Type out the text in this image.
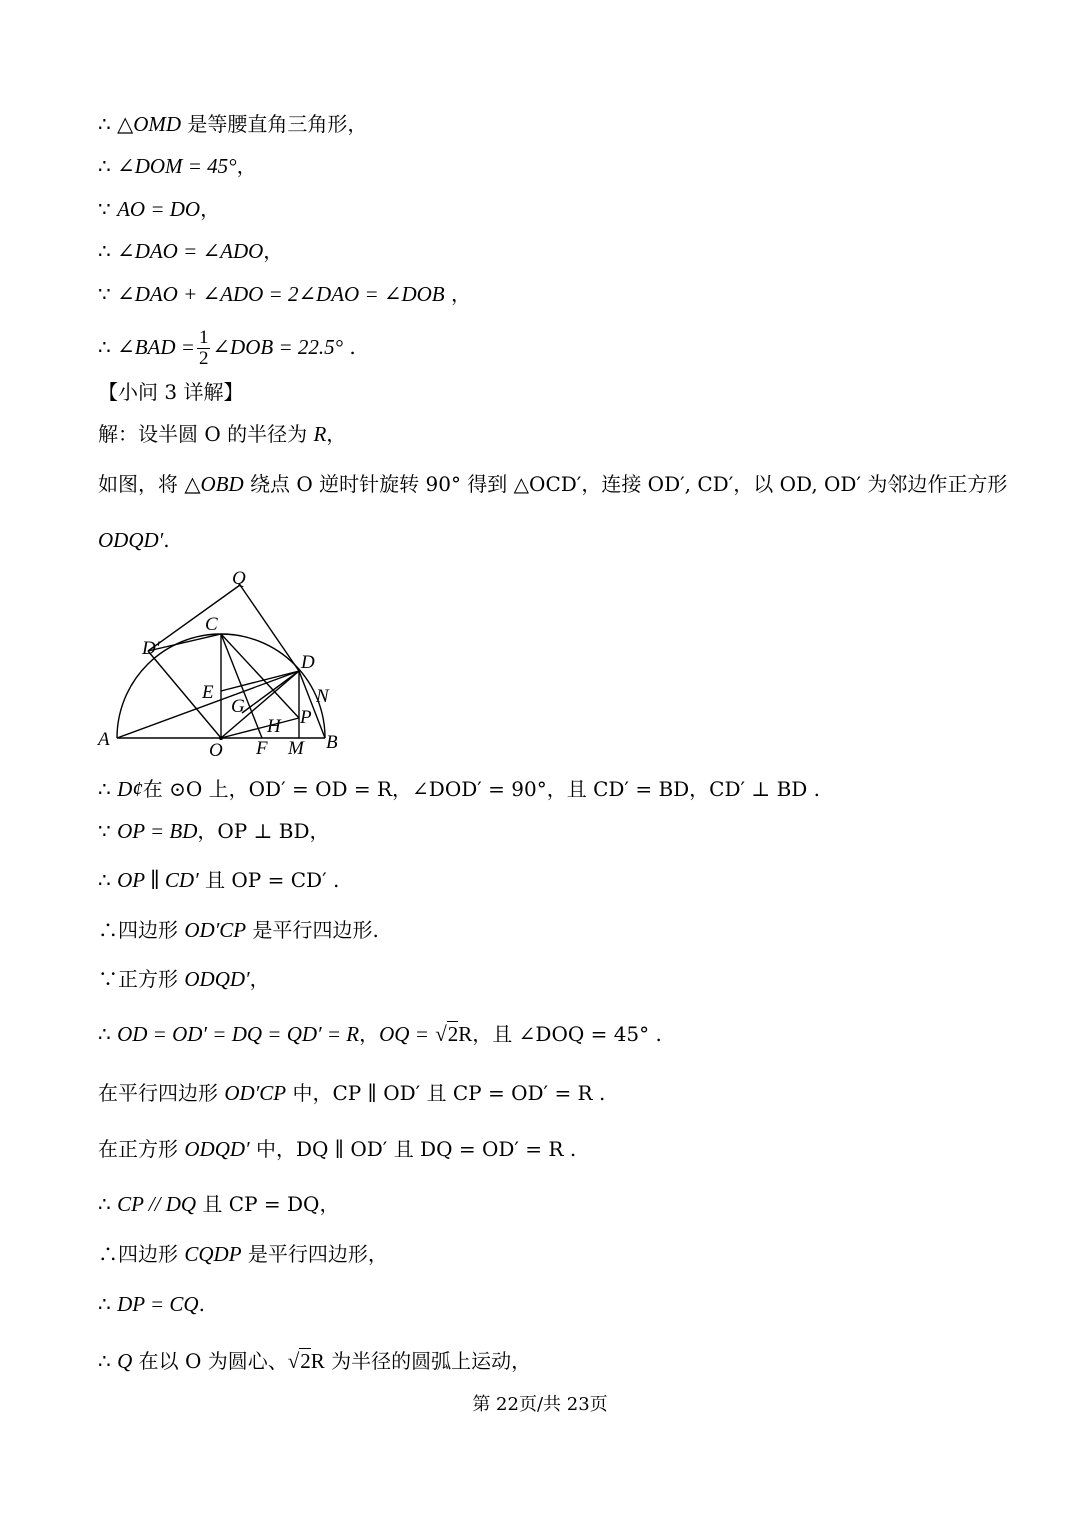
∴ △OMD 是等腰直角三角形，
∴ ∠DOM = 45°，
∵ AO = DO，
∴ ∠DAO = ∠ADO，
∵ ∠DAO + ∠ADO = 2∠DAO = ∠DOB ，
【小问 3 详解】
解：设半圆 O 的半径为 R，
如图，将 △OBD 绕点 O 逆时针旋转 90° 得到 △OCD′，连接 OD′, CD′，以 OD, OD′ 为邻边作正方形
ODQD′.
∴ D¢在 ⊙O 上，OD′ = OD = R，∠DOD′ = 90°，且 CD′ = BD，CD′ ⊥ BD .
∵ OP = BD，OP ⊥ BD，
∴ OP ∥ CD′ 且 OP = CD′ .
∴四边形 OD′CP 是平行四边形.
∵正方形 ODQD′，
在平行四边形 OD′CP 中，CP ∥ OD′ 且 CP = OD′ = R .
在正方形 ODQD′ 中，DQ ∥ OD′ 且 DQ = OD′ = R .
∴ CP // DQ 且 CP = DQ，
∴四边形 CQDP 是平行四边形，
∴ DP = CQ.
∴ ∠BAD = $\frac{1}{2}$ ∠DOB = 22.5° .
∴ OD = OD′ = DQ = QD′ = R，OQ = √2R，且 ∠DOQ = 45° .
∴ Q 在以 O 为圆心、√2R 为半径的圆弧上运动，
Q
C
D′
D
N
E
G
H P
A
O F M B
第 22页/共 23页
